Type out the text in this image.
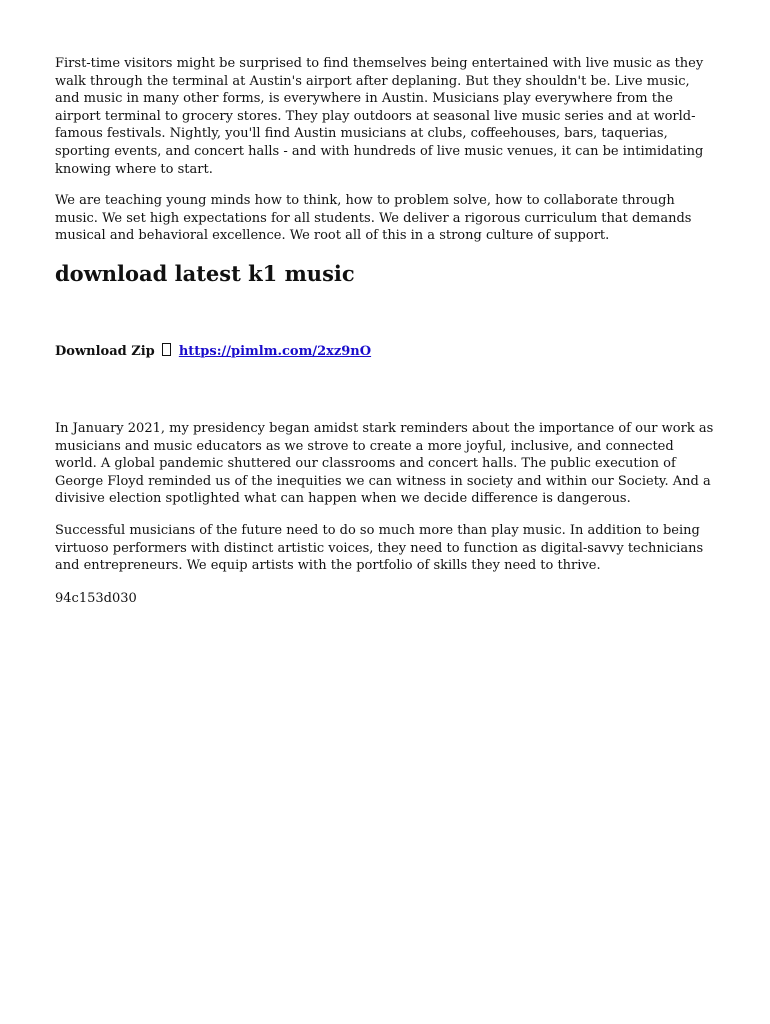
First-time visitors might be surprised to find themselves being entertained with live music as they walk through the terminal at Austin's airport after deplaning. But they shouldn't be. Live music, and music in many other forms, is everywhere in Austin. Musicians play everywhere from the airport terminal to grocery stores. They play outdoors at seasonal live music series and at world-famous festivals. Nightly, you'll find Austin musicians at clubs, coffeehouses, bars, taquerias, sporting events, and concert halls - and with hundreds of live music venues, it can be intimidating knowing where to start.

We are teaching young minds how to think, how to problem solve, how to collaborate through music. We set high expectations for all students. We deliver a rigorous curriculum that demands musical and behavioral excellence. We root all of this in a strong culture of support.

download latest k1 music
Download Zip https://pimlm.com/2xz9nO

In January 2021, my presidency began amidst stark reminders about the importance of our work as musicians and music educators as we strove to create a more joyful, inclusive, and connected world. A global pandemic shuttered our classrooms and concert halls. The public execution of George Floyd reminded us of the inequities we can witness in society and within our Society. And a divisive election spotlighted what can happen when we decide difference is dangerous.

Successful musicians of the future need to do so much more than play music. In addition to being virtuoso performers with distinct artistic voices, they need to function as digital-savvy technicians and entrepreneurs. We equip artists with the portfolio of skills they need to thrive.

94c153d030
